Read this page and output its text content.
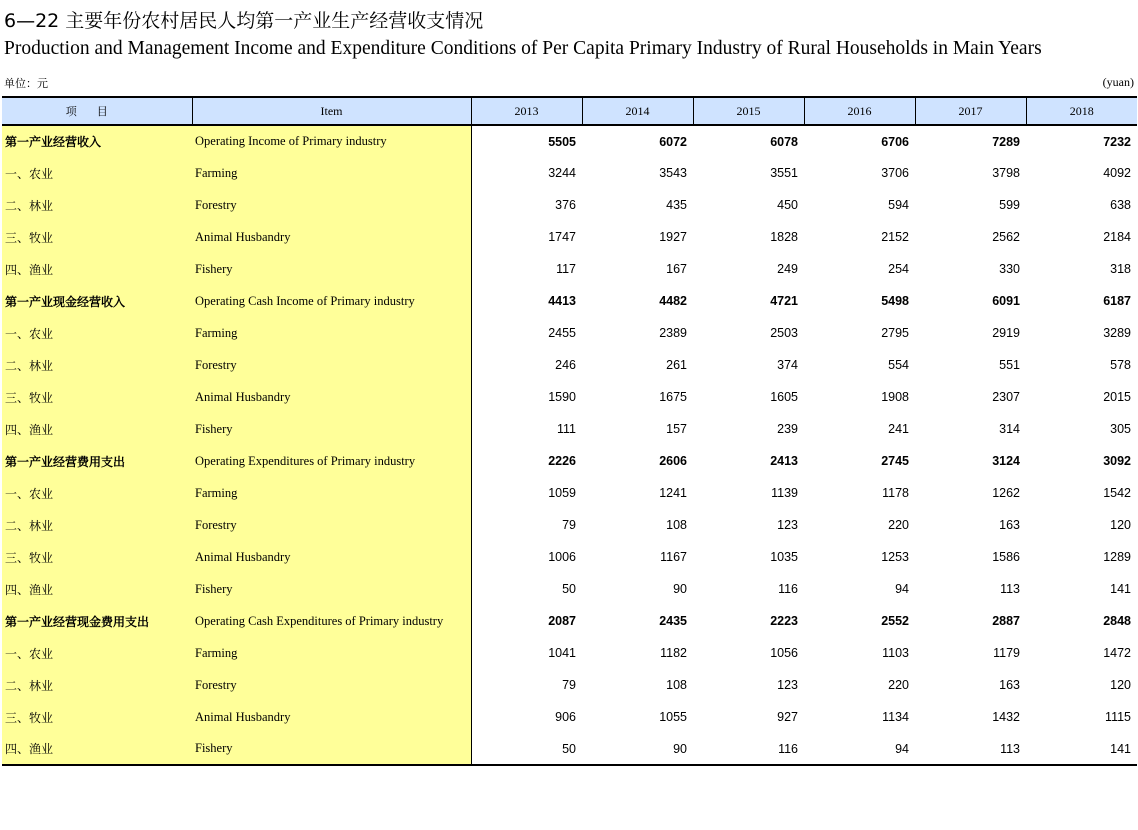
6—22 主要年份农村居民人均第一产业生产经营收支情况
Production and Management Income and Expenditure Conditions of Per Capita Primary Industry of Rural Households in Main Years
单位：元	(yuan)
项目	Item	2013	2014	2015	2016	2017	2018
第一产业经营收入	Operating Income of Primary industry	5505	6072	6078	6706	7289	7232
一、农业	Farming	3244	3543	3551	3706	3798	4092
二、林业	Forestry	376	435	450	594	599	638
三、牧业	Animal Husbandry	1747	1927	1828	2152	2562	2184
四、渔业	Fishery	117	167	249	254	330	318
第一产业现金经营收入	Operating Cash Income of Primary industry	4413	4482	4721	5498	6091	6187
一、农业	Farming	2455	2389	2503	2795	2919	3289
二、林业	Forestry	246	261	374	554	551	578
三、牧业	Animal Husbandry	1590	1675	1605	1908	2307	2015
四、渔业	Fishery	111	157	239	241	314	305
第一产业经营费用支出	Operating Expenditures of Primary industry	2226	2606	2413	2745	3124	3092
一、农业	Farming	1059	1241	1139	1178	1262	1542
二、林业	Forestry	79	108	123	220	163	120
三、牧业	Animal Husbandry	1006	1167	1035	1253	1586	1289
四、渔业	Fishery	50	90	116	94	113	141
第一产业经营现金费用支出	Operating Cash Expenditures of Primary industry	2087	2435	2223	2552	2887	2848
一、农业	Farming	1041	1182	1056	1103	1179	1472
二、林业	Forestry	79	108	123	220	163	120
三、牧业	Animal Husbandry	906	1055	927	1134	1432	1115
四、渔业	Fishery	50	90	116	94	113	141
